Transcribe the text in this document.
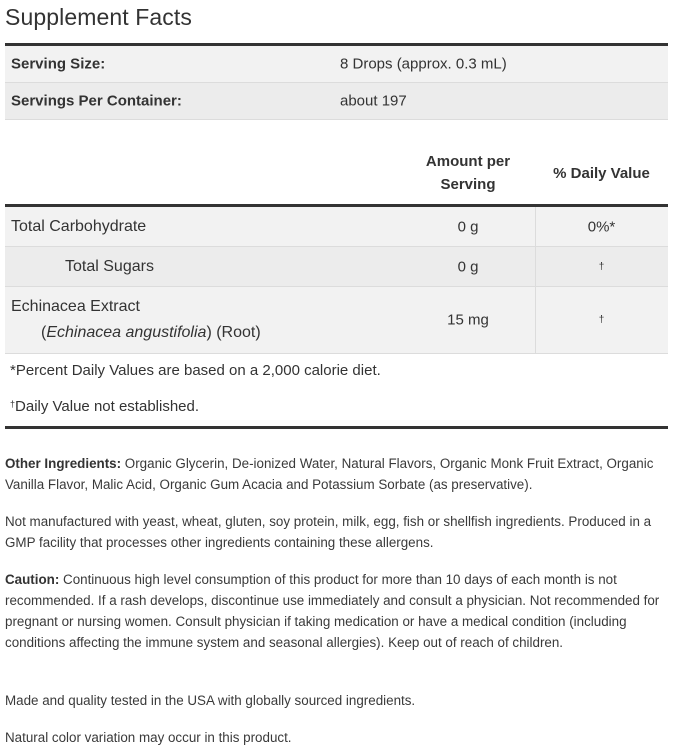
Supplement Facts
Serving Size:	8 Drops (approx. 0.3 mL)
Servings Per Container:	about 197
Amount per
Serving
% Daily Value
Total Carbohydrate	0 g	0%*
Total Sugars	0 g	†
Echinacea Extract
(Echinacea angustifolia) (Root)
15 mg	†
*Percent Daily Values are based on a 2,000 calorie diet.
†Daily Value not established.

Other Ingredients: Organic Glycerin, De-ionized Water, Natural Flavors, Organic Monk Fruit Extract, Organic Vanilla Flavor, Malic Acid, Organic Gum Acacia and Potassium Sorbate (as preservative).

Not manufactured with yeast, wheat, gluten, soy protein, milk, egg, fish or shellfish ingredients. Produced in a GMP facility that processes other ingredients containing these allergens.

Caution: Continuous high level consumption of this product for more than 10 days of each month is not recommended. If a rash develops, discontinue use immediately and consult a physician. Not recommended for pregnant or nursing women. Consult physician if taking medication or have a medical condition (including conditions affecting the immune system and seasonal allergies). Keep out of reach of children.

Made and quality tested in the USA with globally sourced ingredients.

Natural color variation may occur in this product.
